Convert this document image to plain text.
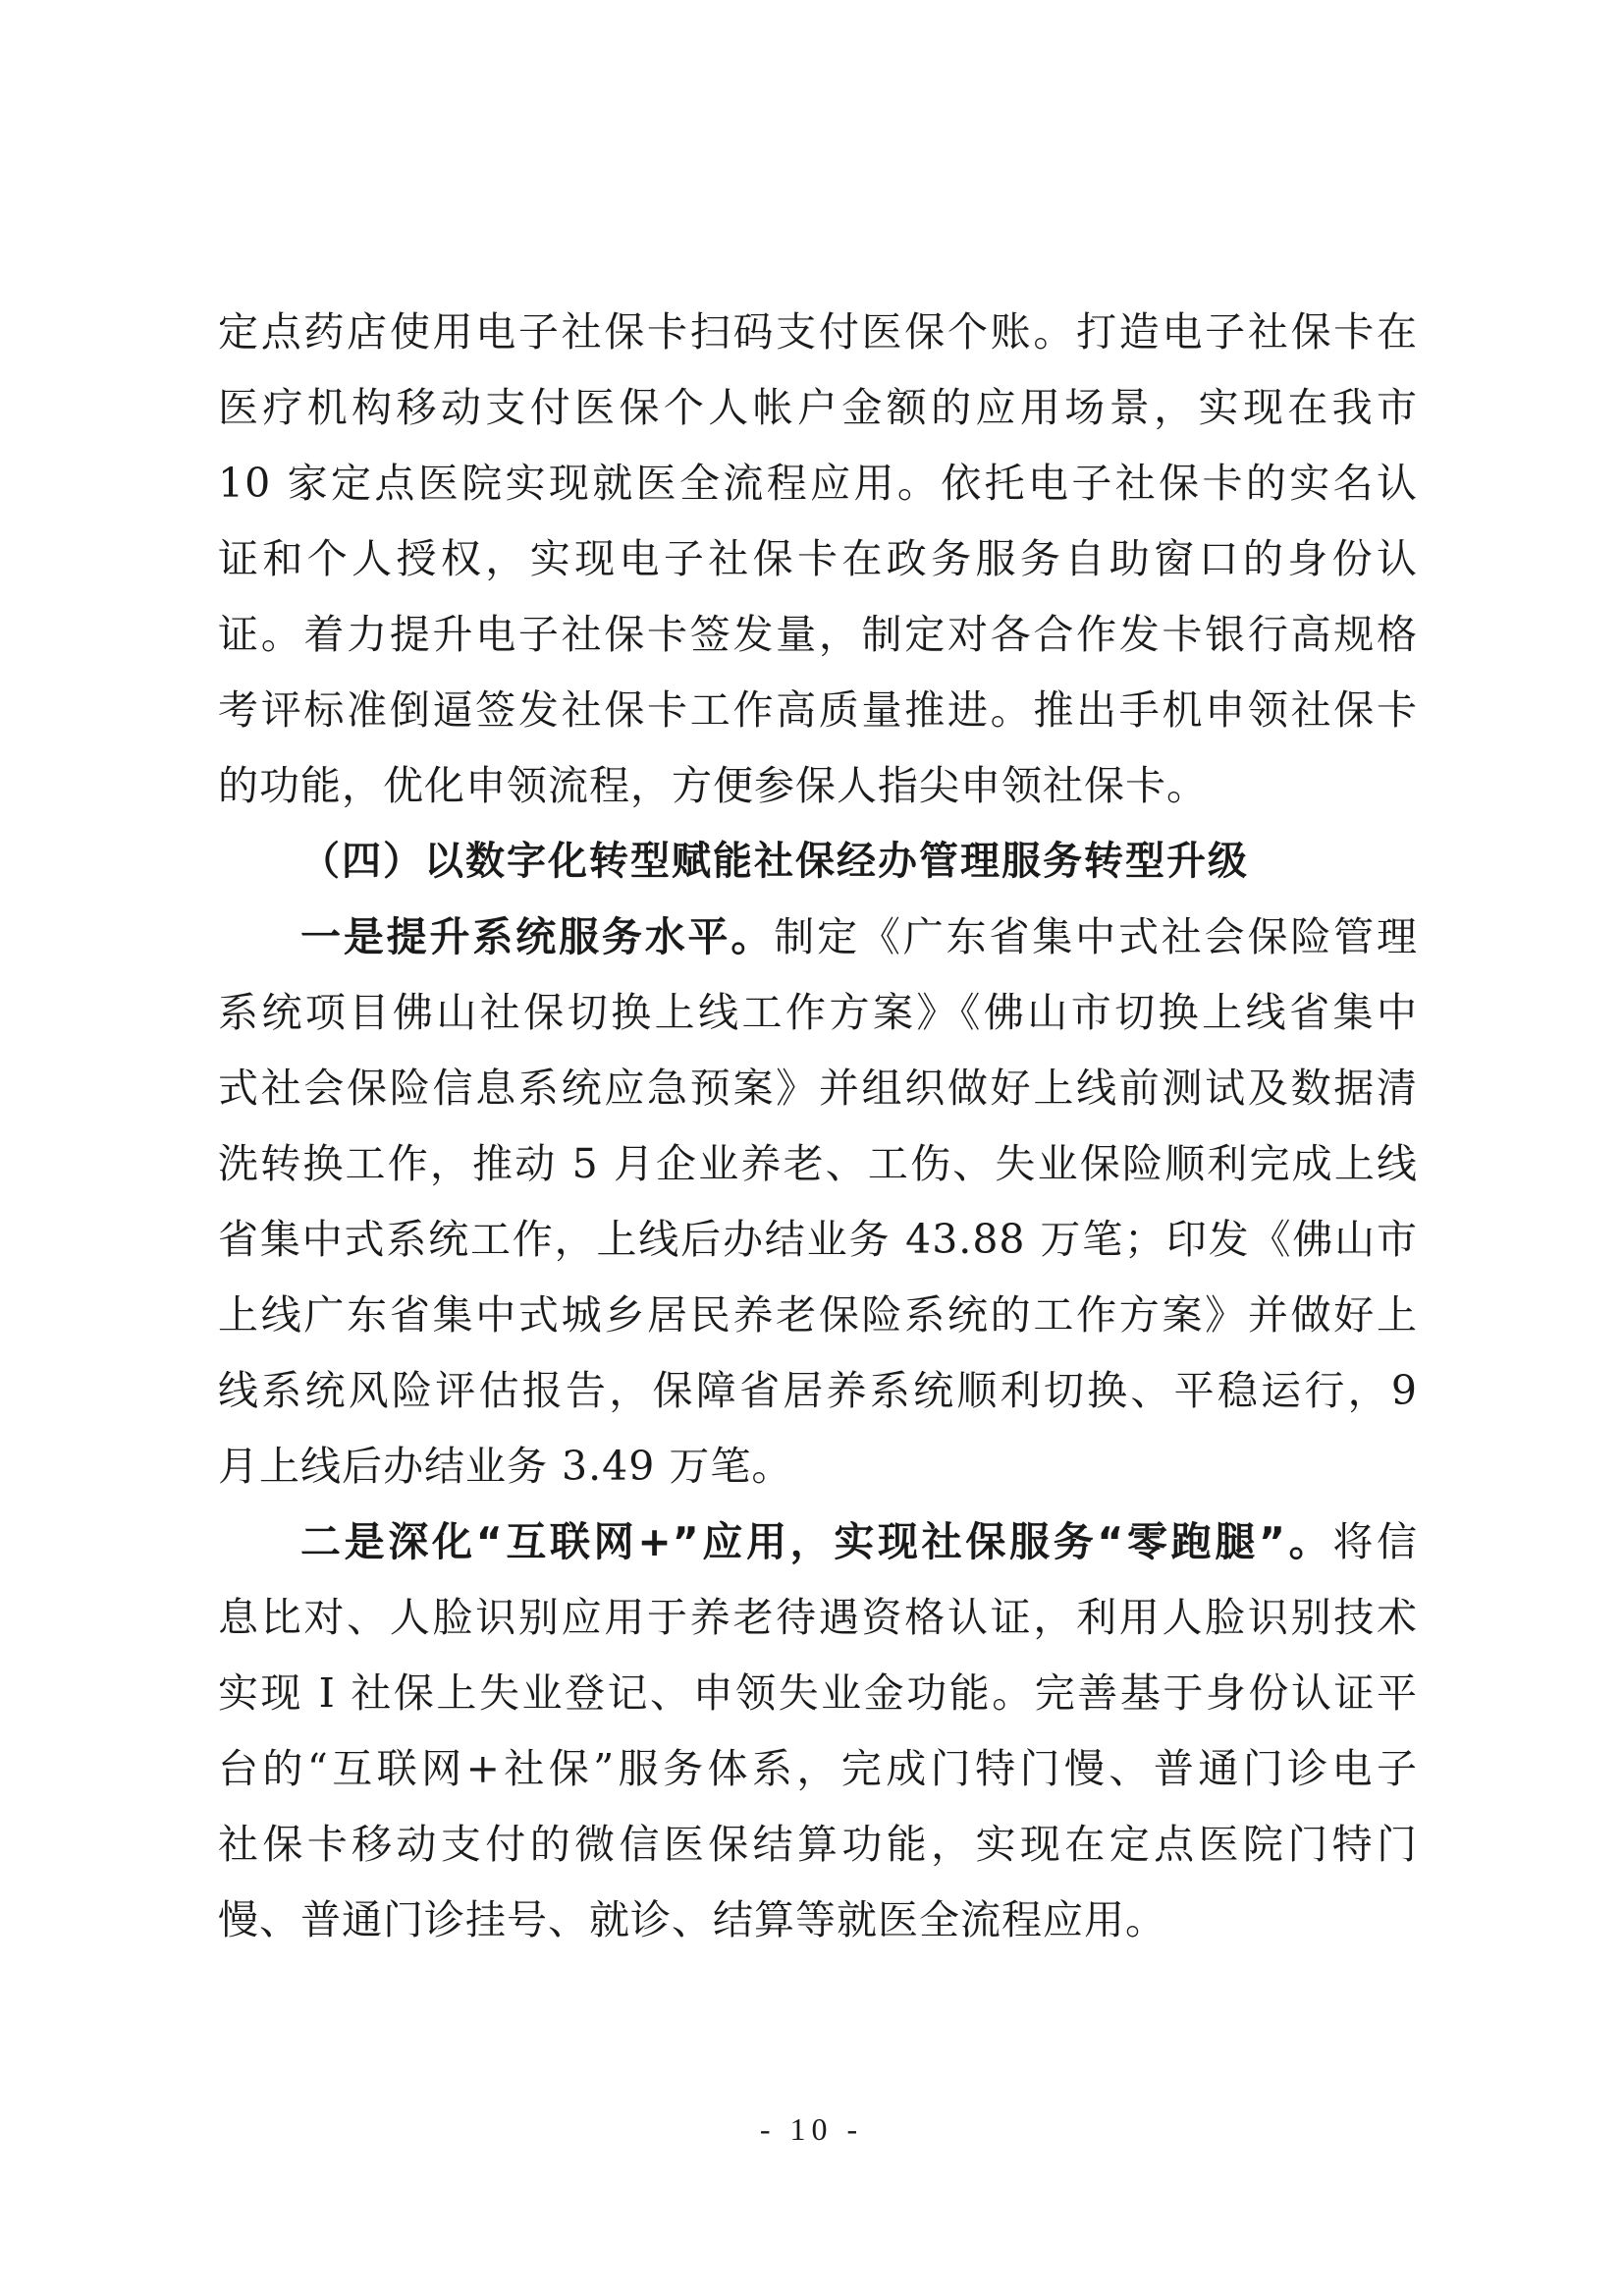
定点药店使用电子社保卡扫码支付医保个账。打造电子社保卡在
医疗机构移动支付医保个人帐户金额的应用场景，实现在我市
10 家定点医院实现就医全流程应用。依托电子社保卡的实名认
证和个人授权，实现电子社保卡在政务服务自助窗口的身份认
证。着力提升电子社保卡签发量，制定对各合作发卡银行高规格
考评标准倒逼签发社保卡工作高质量推进。推出手机申领社保卡
的功能，优化申领流程，方便参保人指尖申领社保卡。
（四）以数字化转型赋能社保经办管理服务转型升级
一是提升系统服务水平。制定《广东省集中式社会保险管理
系统项目佛山社保切换上线工作方案》《佛山市切换上线省集中
式社会保险信息系统应急预案》并组织做好上线前测试及数据清
洗转换工作，推动 5 月企业养老、工伤、失业保险顺利完成上线
省集中式系统工作，上线后办结业务 43.88 万笔；印发《佛山市
上线广东省集中式城乡居民养老保险系统的工作方案》并做好上
线系统风险评估报告，保障省居养系统顺利切换、平稳运行，9
月上线后办结业务 3.49 万笔。
二是深化“互联网+”应用，实现社保服务“零跑腿”。将信
息比对、人脸识别应用于养老待遇资格认证，利用人脸识别技术
实现 I 社保上失业登记、申领失业金功能。完善基于身份认证平
台的“互联网+社保”服务体系，完成门特门慢、普通门诊电子
社保卡移动支付的微信医保结算功能，实现在定点医院门特门
慢、普通门诊挂号、就诊、结算等就医全流程应用。
- 10 -
